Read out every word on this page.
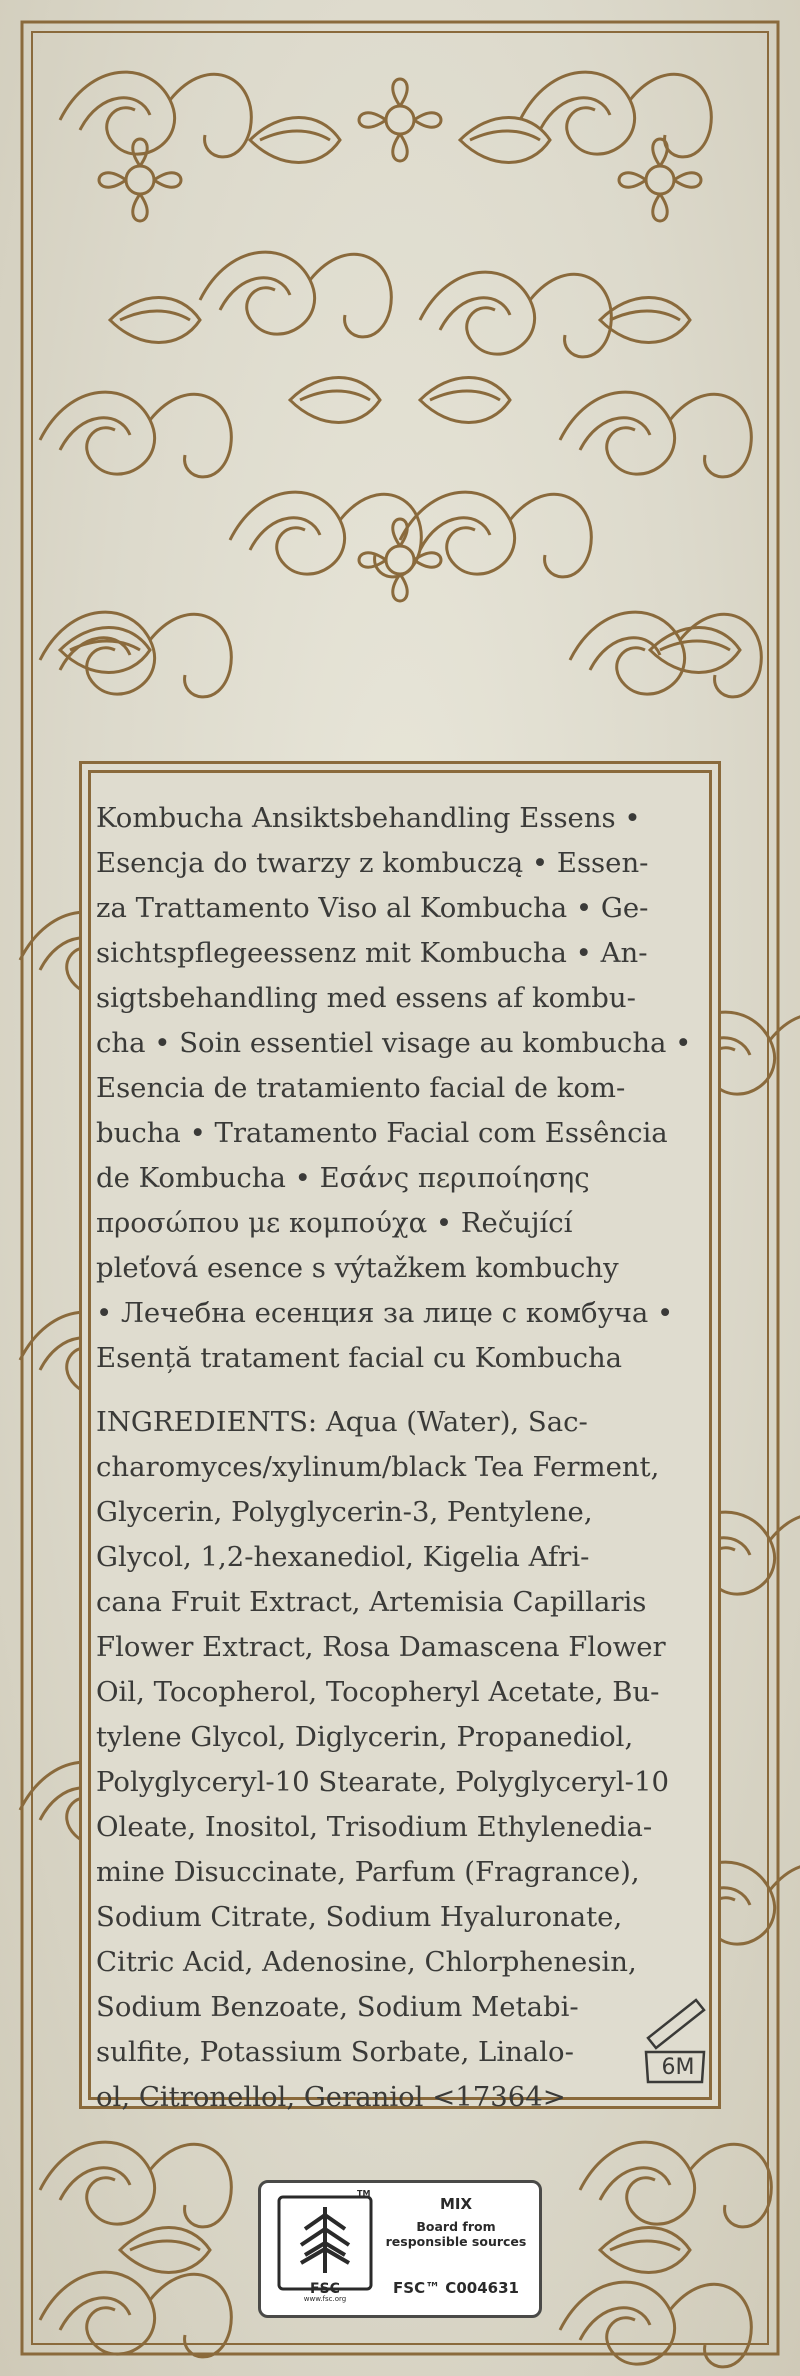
Kombucha Ansiktsbehandling Essens •
Esencja do twarzy z kombuczą • Essen-
za Trattamento Viso al Kombucha • Ge-
sichtspflegeessenz mit Kombucha • An-
sigtsbehandling med essens af kombu-
cha • Soin essentiel visage au kombucha •
Esencia de tratamiento facial de kom-
bucha • Tratamento Facial com Essência
de Kombucha • Εσάνς περιποίησης
προσώπου με κομπούχα • Rečující
pleťová esence s výtažkem kombuchy
• Лечебна есенция за лице с комбуча •
Esență tratament facial cu Kombucha
INGREDIENTS: Aqua (Water), Sac-
charomyces/xylinum/black Tea Ferment,
Glycerin, Polyglycerin-3, Pentylene,
Glycol, 1,2-hexanediol, Kigelia Afri-
cana Fruit Extract, Artemisia Capillaris
Flower Extract, Rosa Damascena Flower
Oil, Tocopherol, Tocopheryl Acetate, Bu-
tylene Glycol, Diglycerin, Propanediol,
Polyglyceryl-10 Stearate, Polyglyceryl-10
Oleate, Inositol, Trisodium Ethylenedia-
mine Disuccinate, Parfum (Fragrance),
Sodium Citrate, Sodium Hyaluronate,
Citric Acid, Adenosine, Chlorphenesin,
Sodium Benzoate, Sodium Metabi-
sulfite, Potassium Sorbate, Linalo-
ol, Citronellol, Geraniol <17364>
6M
FSC
TM
www.fsc.org
MIX
Board from
responsible sources
FSC™ C004631
